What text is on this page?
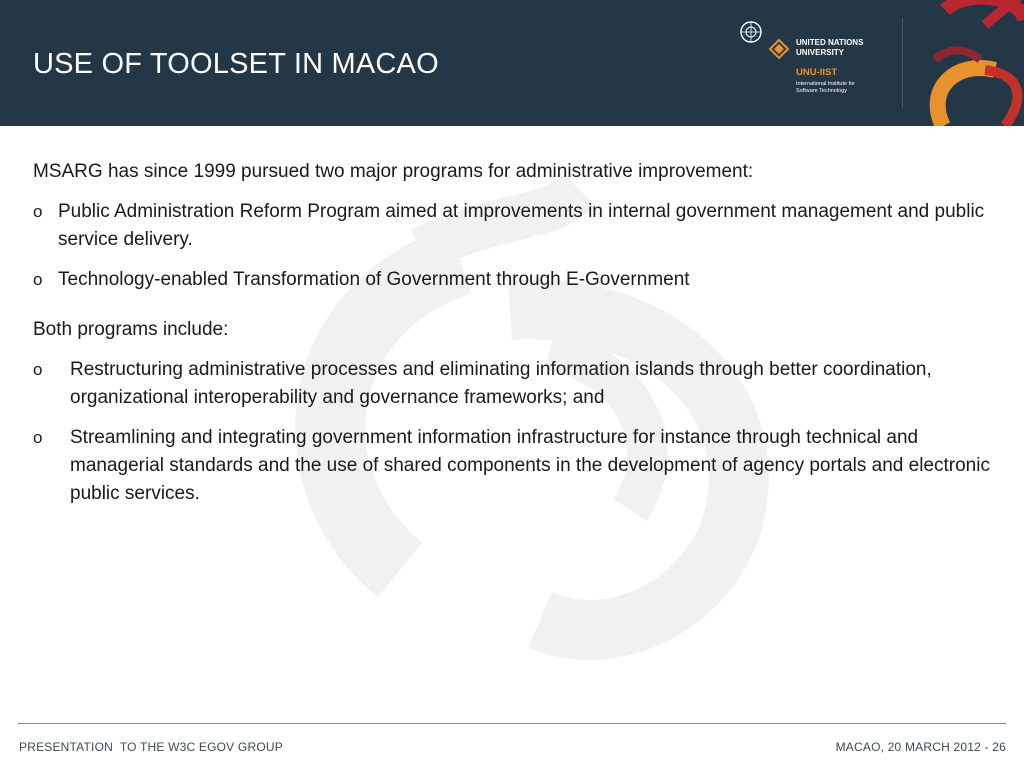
USE OF TOOLSET IN MACAO
UNITED NATIONS
UNIVERSITY
UNU-IIST
International Institute for
Software Technology

MSARG has since 1999 pursued two major programs for administrative improvement:

o Public Administration Reform Program aimed at improvements in internal government management and public service delivery.
o Technology-enabled Transformation of Government through E-Government

Both programs include:

o	Restructuring administrative processes and eliminating information islands through better coordination, organizational interoperability and governance frameworks; and
o	Streamlining and integrating government information infrastructure for instance through technical and managerial standards and the use of shared components in the development of agency portals and electronic public services.
PRESENTATION  TO THE W3C EGOV GROUP	MACAO, 20 MARCH 2012 - 26
